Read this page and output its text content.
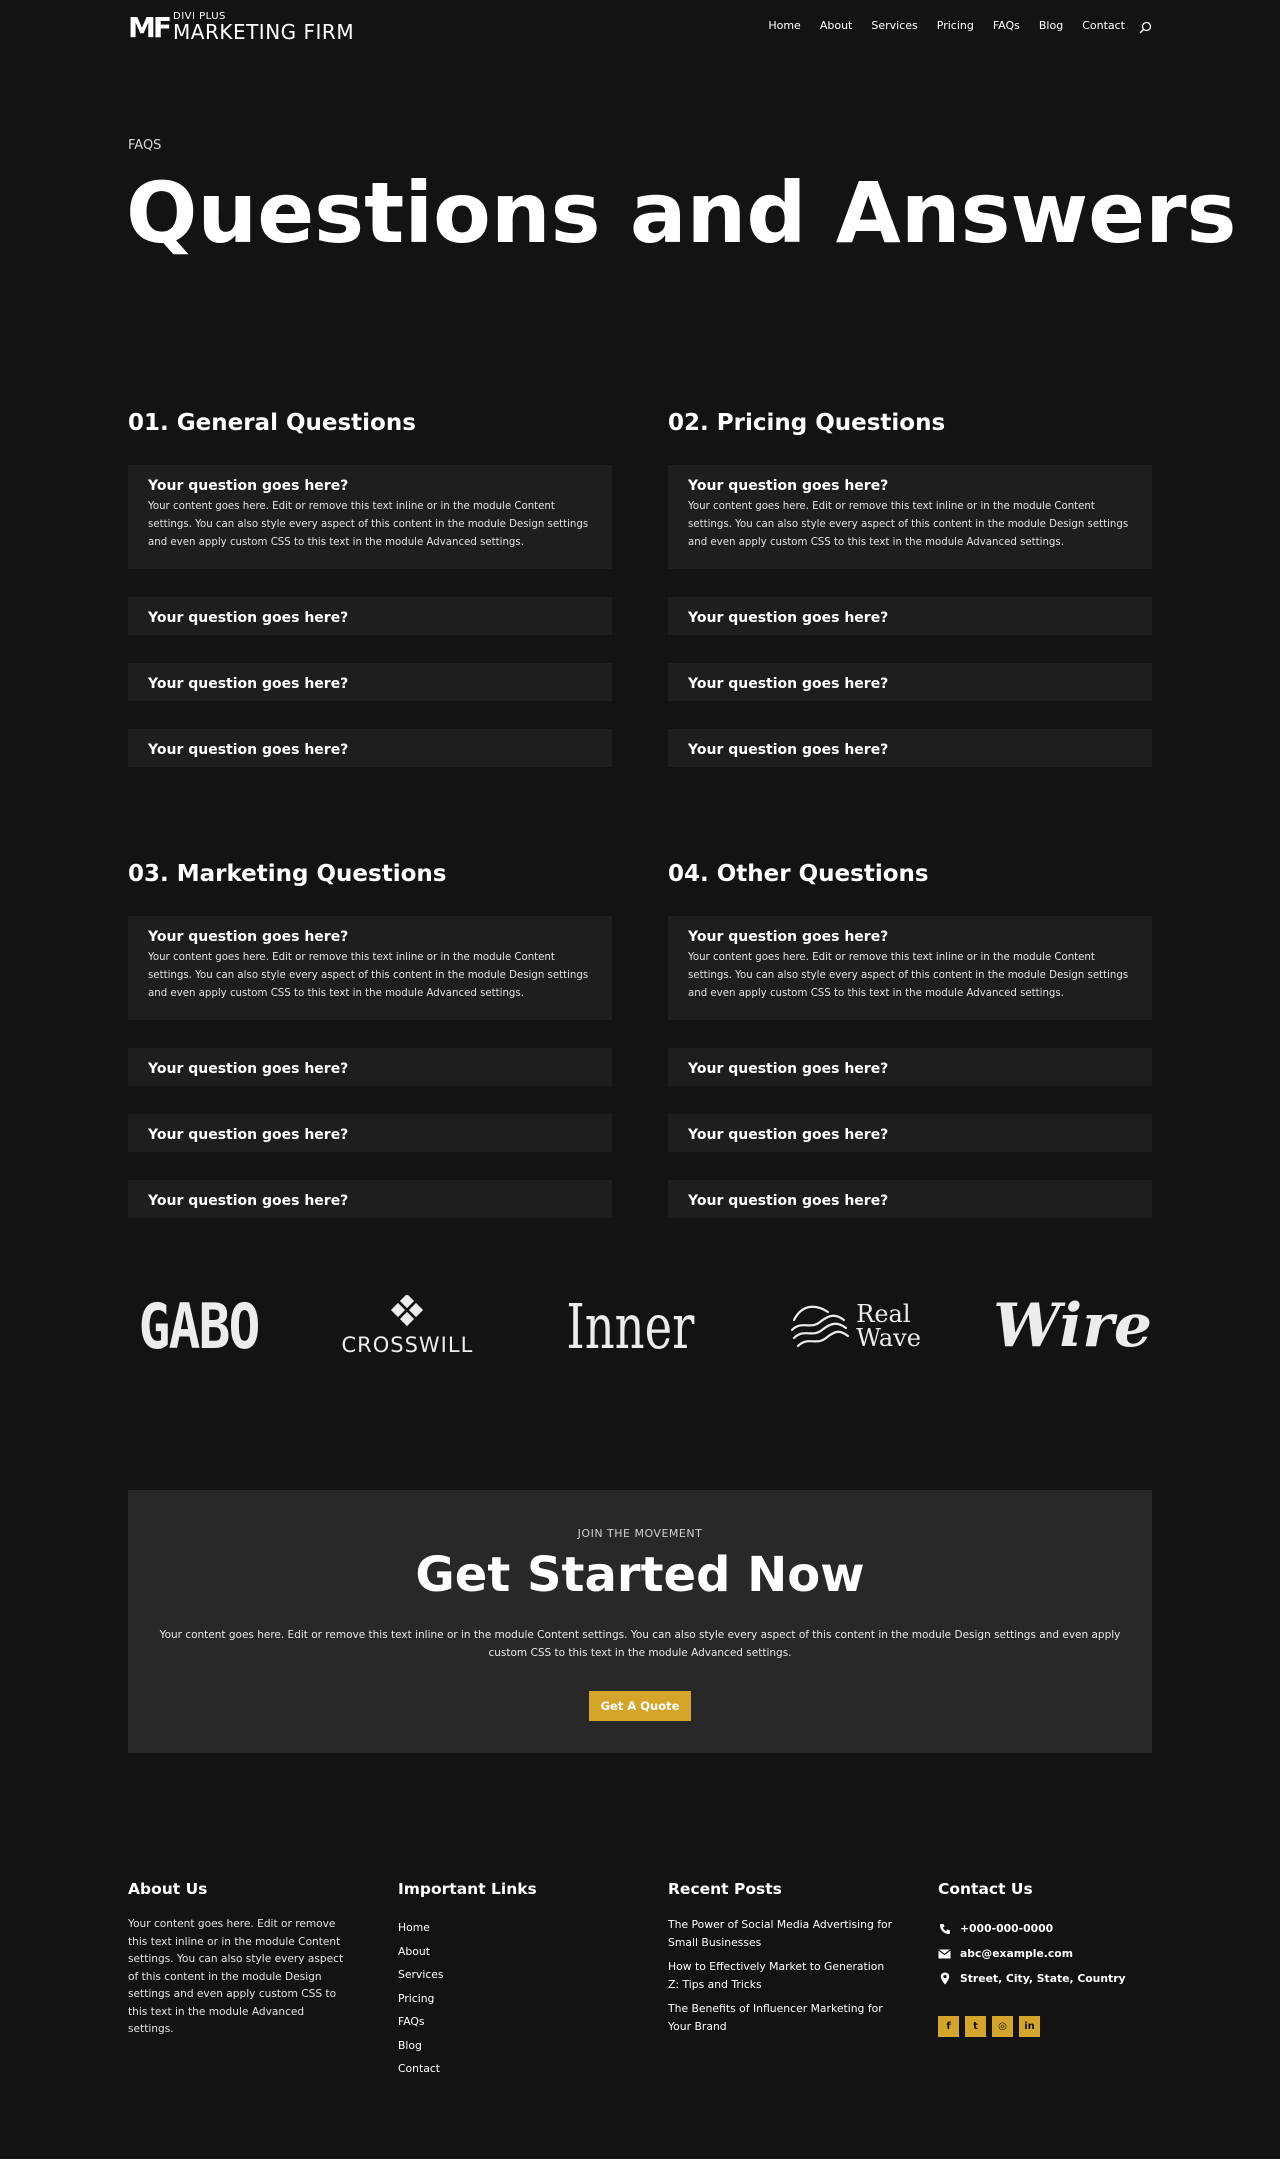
MF DIVI PLUS
MARKETING FIRM	Home About Services Pricing FAQs Blog Contact
FAQS
Questions and Answers
01. General Questions
Your question goes here?
Your content goes here. Edit or remove this text inline or in the module Content settings. You can also style every aspect of this content in the module Design settings and even apply custom CSS to this text in the module Advanced settings.
Your question goes here?
Your question goes here?
Your question goes here?
02. Pricing Questions
Your question goes here?
Your content goes here. Edit or remove this text inline or in the module Content settings. You can also style every aspect of this content in the module Design settings and even apply custom CSS to this text in the module Advanced settings.
Your question goes here?
Your question goes here?
Your question goes here?
03. Marketing Questions
Your question goes here?
Your content goes here. Edit or remove this text inline or in the module Content settings. You can also style every aspect of this content in the module Design settings and even apply custom CSS to this text in the module Advanced settings.
Your question goes here?
Your question goes here?
Your question goes here?
04. Other Questions
Your question goes here?
Your content goes here. Edit or remove this text inline or in the module Content settings. You can also style every aspect of this content in the module Design settings and even apply custom CSS to this text in the module Advanced settings.
Your question goes here?
Your question goes here?
Your question goes here?
GABO	CROSSWILL Inner	Real
Wave Wire
JOIN THE MOVEMENT
Get Started Now

Your content goes here. Edit or remove this text inline or in the module Content settings. You can also style every aspect of this content in the module Design settings and even apply custom CSS to this text in the module Advanced settings.

Get A Quote
About Us

Your content goes here. Edit or remove this text inline or in the module Content settings. You can also style every aspect of this content in the module Design settings and even apply custom CSS to this text in the module Advanced settings.

Important Links
Home
About
Services
Pricing
FAQs
Blog
Contact
Recent Posts
The Power of Social Media Advertising for Small Businesses
How to Effectively Market to Generation Z: Tips and Tricks
The Benefits of Influencer Marketing for Your Brand
Contact Us
+000-000-0000
abc@example.com
Street, City, State, Country
f	t	◎	in
